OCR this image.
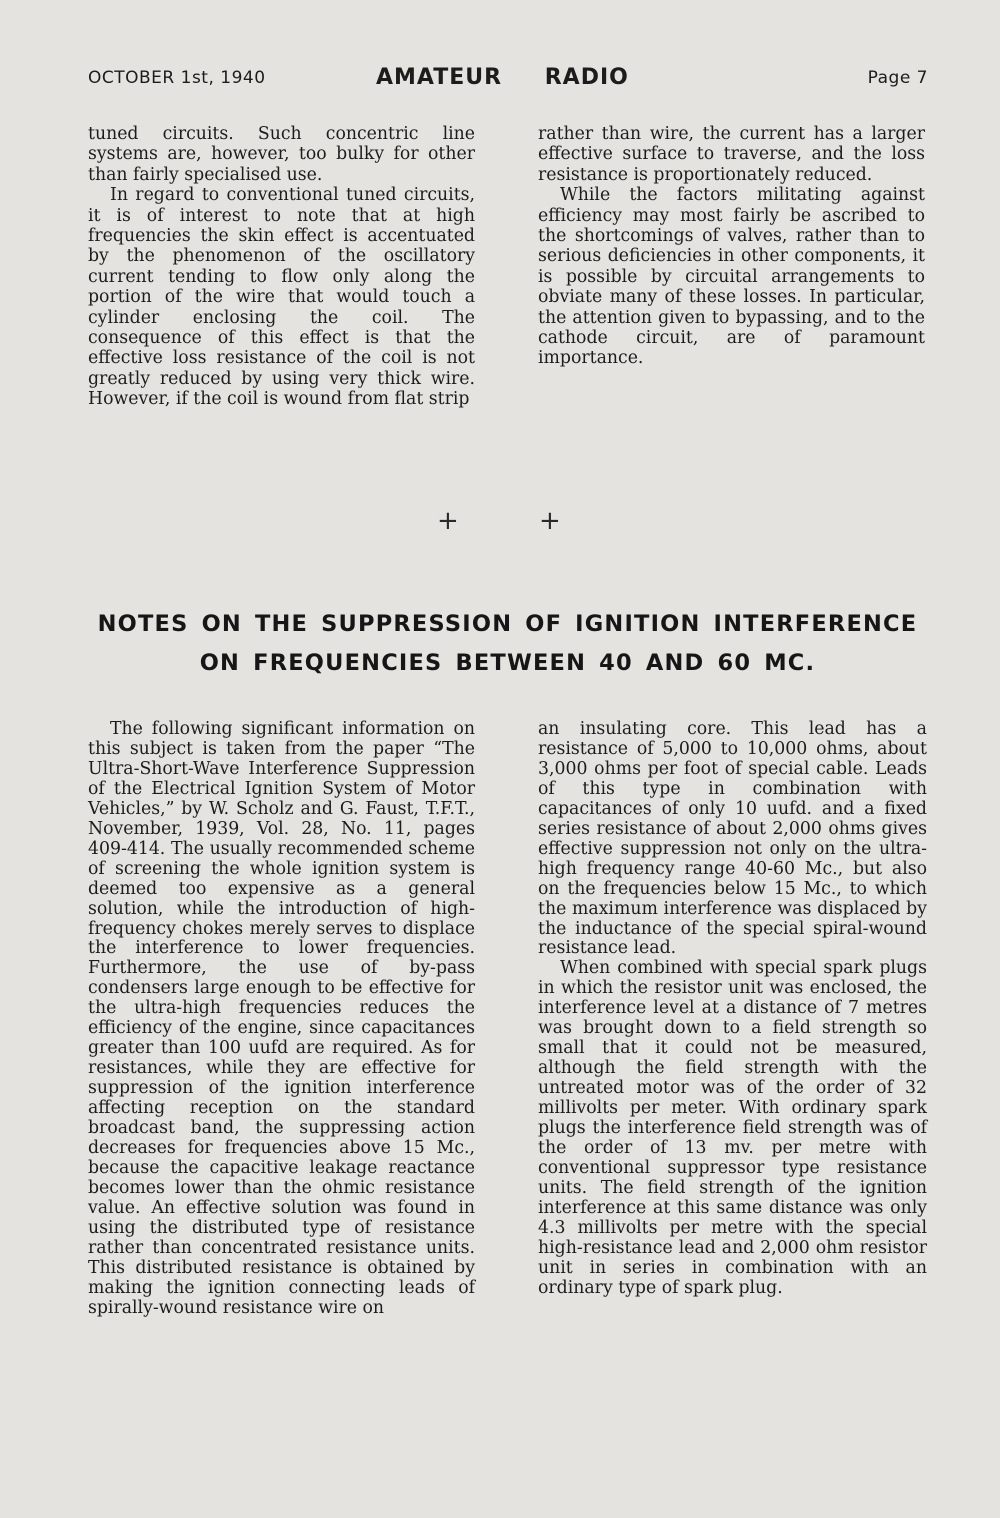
OCTOBER 1st, 1940	AMATEUR RADIO	Page 7

tuned circuits. Such concentric line systems are, however, too bulky for other than fairly specialised use.

In regard to conventional tuned circuits, it is of interest to note that at high frequencies the skin effect is accentuated by the phenomenon of the oscillatory current tending to flow only along the portion of the wire that would touch a cylinder enclosing the coil. The consequence of this effect is that the effective loss resistance of the coil is not greatly reduced by using very thick wire. However, if the coil is wound from flat strip

rather than wire, the current has a larger effective surface to traverse, and the loss resistance is proportionately reduced.

While the factors militating against efficiency may most fairly be ascribed to the shortcomings of valves, rather than to serious deficiencies in other components, it is possible by circuital arrangements to obviate many of these losses. In particular, the attention given to bypassing, and to the cathode circuit, are of paramount importance.

+	+
NOTES ON THE SUPPRESSION OF IGNITION INTERFERENCE
ON FREQUENCIES BETWEEN 40 AND 60 MC.

The following significant information on this subject is taken from the paper “The Ultra-Short-Wave Interference Suppression of the Electrical Ignition System of Motor Vehicles,” by W. Scholz and G. Faust, T.F.T., November, 1939, Vol. 28, No. 11, pages 409-414. The usually recommended scheme of screening the whole ignition system is deemed too expensive as a general solution, while the introduction of high-frequency chokes merely serves to displace the interference to lower frequencies. Furthermore, the use of by-pass condensers large enough to be effective for the ultra-high frequencies reduces the efficiency of the engine, since capacitances greater than 100 uufd are required. As for resistances, while they are effective for suppression of the ignition interference affecting reception on the standard broadcast band, the suppressing action decreases for frequencies above 15 Mc., because the capacitive leakage reactance becomes lower than the ohmic resistance value. An effective solution was found in using the distributed type of resistance rather than concentrated resistance units. This distributed resistance is obtained by making the ignition connecting leads of spirally-wound resistance wire on

an insulating core. This lead has a resistance of 5,000 to 10,000 ohms, about 3,000 ohms per foot of special cable. Leads of this type in combination with capacitances of only 10 uufd. and a fixed series resistance of about 2,000 ohms gives effective suppression not only on the ultra-high frequency range 40-60 Mc., but also on the frequencies below 15 Mc., to which the maximum interference was displaced by the inductance of the special spiral-wound resistance lead.

When combined with special spark plugs in which the resistor unit was enclosed, the interference level at a distance of 7 metres was brought down to a field strength so small that it could not be measured, although the field strength with the untreated motor was of the order of 32 millivolts per meter. With ordinary spark plugs the interference field strength was of the order of 13 mv. per metre with conventional suppressor type resistance units. The field strength of the ignition interference at this same distance was only 4.3 millivolts per metre with the special high-resistance lead and 2,000 ohm resistor unit in series in combination with an ordinary type of spark plug.
